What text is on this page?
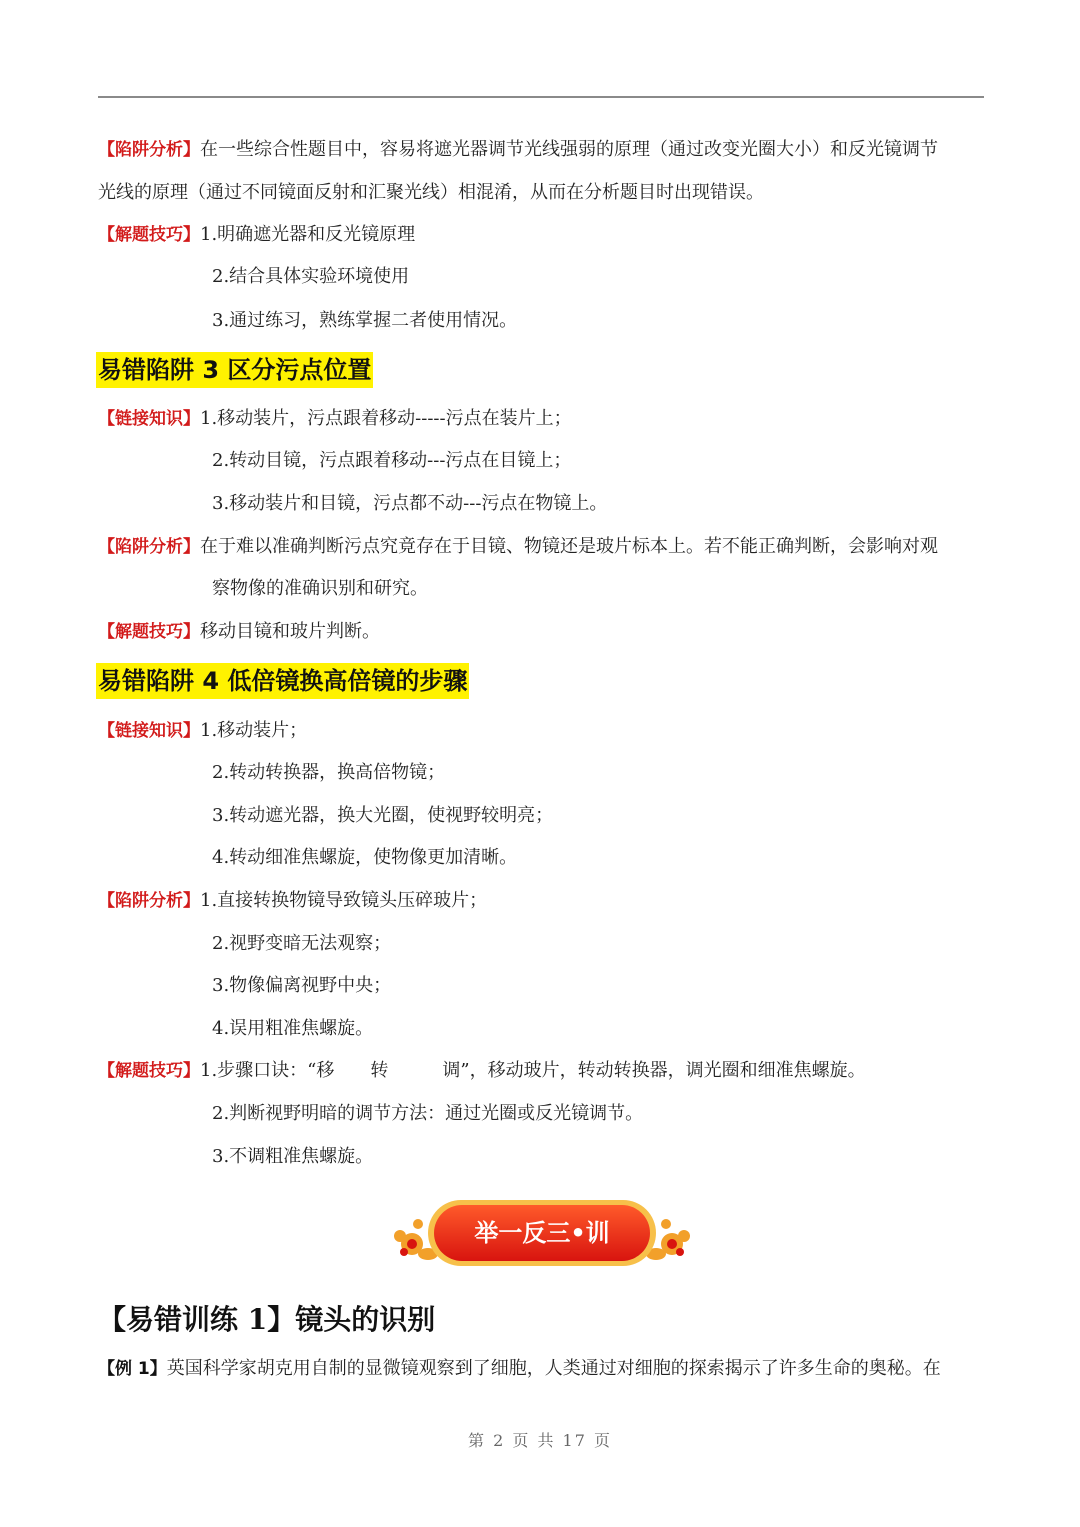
【陷阱分析】在一些综合性题目中，容易将遮光器调节光线强弱的原理（通过改变光圈大小）和反光镜调节
光线的原理（通过不同镜面反射和汇聚光线）相混淆，从而在分析题目时出现错误。
【解题技巧】1.明确遮光器和反光镜原理
2.结合具体实验环境使用
3.通过练习，熟练掌握二者使用情况。
易错陷阱 3 区分污点位置
【链接知识】1.移动装片，污点跟着移动-----污点在装片上；
2.转动目镜，污点跟着移动---污点在目镜上；
3.移动装片和目镜，污点都不动---污点在物镜上。
【陷阱分析】在于难以准确判断污点究竟存在于目镜、物镜还是玻片标本上。若不能正确判断，会影响对观
察物像的准确识别和研究。
【解题技巧】移动目镜和玻片判断。
易错陷阱 4 低倍镜换高倍镜的步骤
【链接知识】1.移动装片；
2.转动转换器，换高倍物镜；
3.转动遮光器，换大光圈，使视野较明亮；
4.转动细准焦螺旋，使物像更加清晰。
【陷阱分析】1.直接转换物镜导致镜头压碎玻片；
2.视野变暗无法观察；
3.物像偏离视野中央；
4.误用粗准焦螺旋。
【解题技巧】1.步骤口诀：“移　　转　　　调”，移动玻片，转动转换器，调光圈和细准焦螺旋。
2.判断视野明暗的调节方法：通过光圈或反光镜调节。
3.不调粗准焦螺旋。
举一反三•训
【易错训练 1】镜头的识别
【例 1】英国科学家胡克用自制的显微镜观察到了细胞，人类通过对细胞的探索揭示了许多生命的奥秘。在
第 2 页 共 17 页
